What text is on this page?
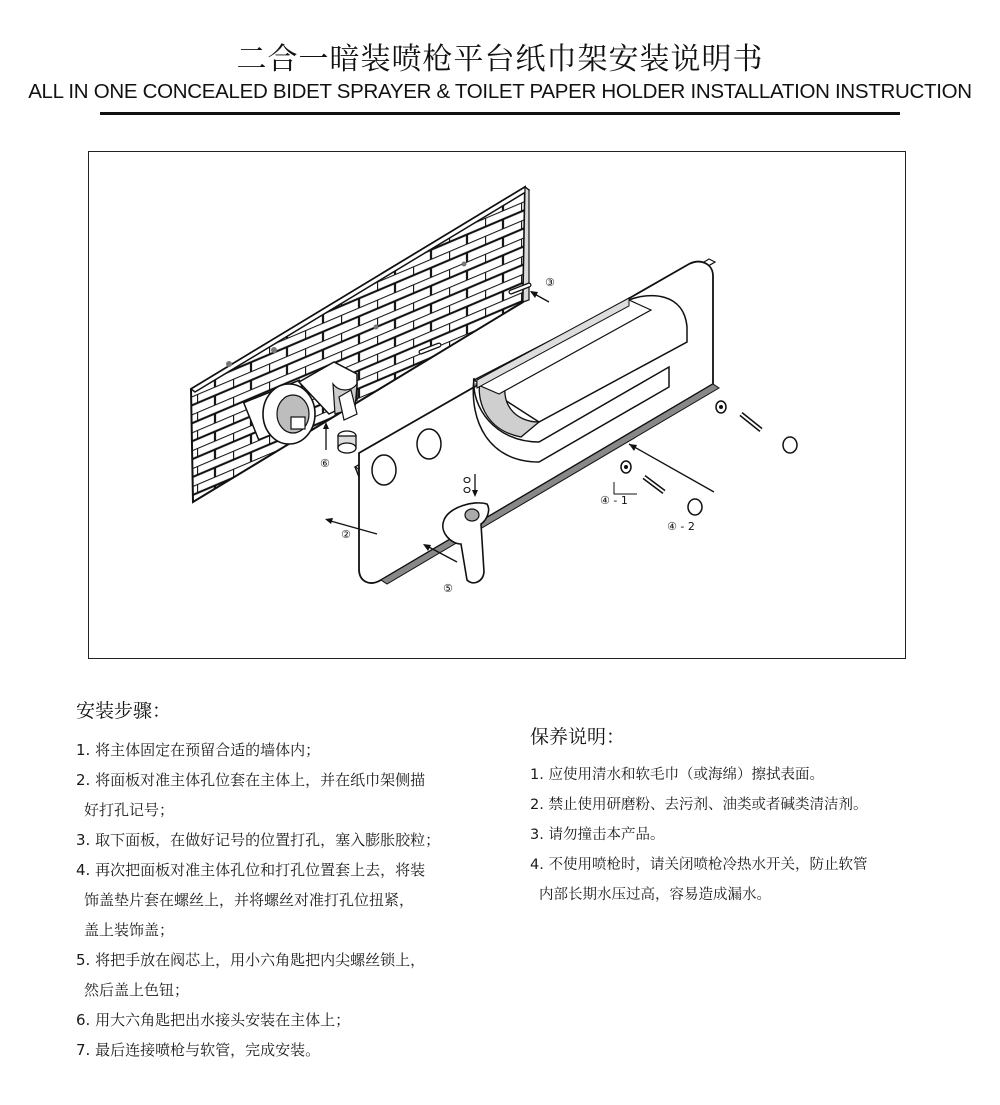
二合一暗装喷枪平台纸巾架安装说明书
ALL IN ONE CONCEALED BIDET SPRAYER & TOILET PAPER HOLDER INSTALLATION INSTRUCTION
②
③
④ - 1
④ - 2
⑤
⑥
安装步骤：
1. 将主体固定在预留合适的墙体内；
2. 将面板对准主体孔位套在主体上，并在纸巾架侧描
好打孔记号；
3. 取下面板，在做好记号的位置打孔，塞入膨胀胶粒；
4. 再次把面板对准主体孔位和打孔位置套上去，将装
饰盖垫片套在螺丝上，并将螺丝对准打孔位扭紧，
盖上装饰盖；
5. 将把手放在阀芯上，用小六角匙把内尖螺丝锁上，
然后盖上色钮；
6. 用大六角匙把出水接头安装在主体上；
7. 最后连接喷枪与软管，完成安装。
保养说明：
1. 应使用清水和软毛巾（或海绵）擦拭表面。
2. 禁止使用研磨粉、去污剂、油类或者碱类清洁剂。
3. 请勿撞击本产品。
4. 不使用喷枪时，请关闭喷枪冷热水开关，防止软管
内部长期水压过高，容易造成漏水。
